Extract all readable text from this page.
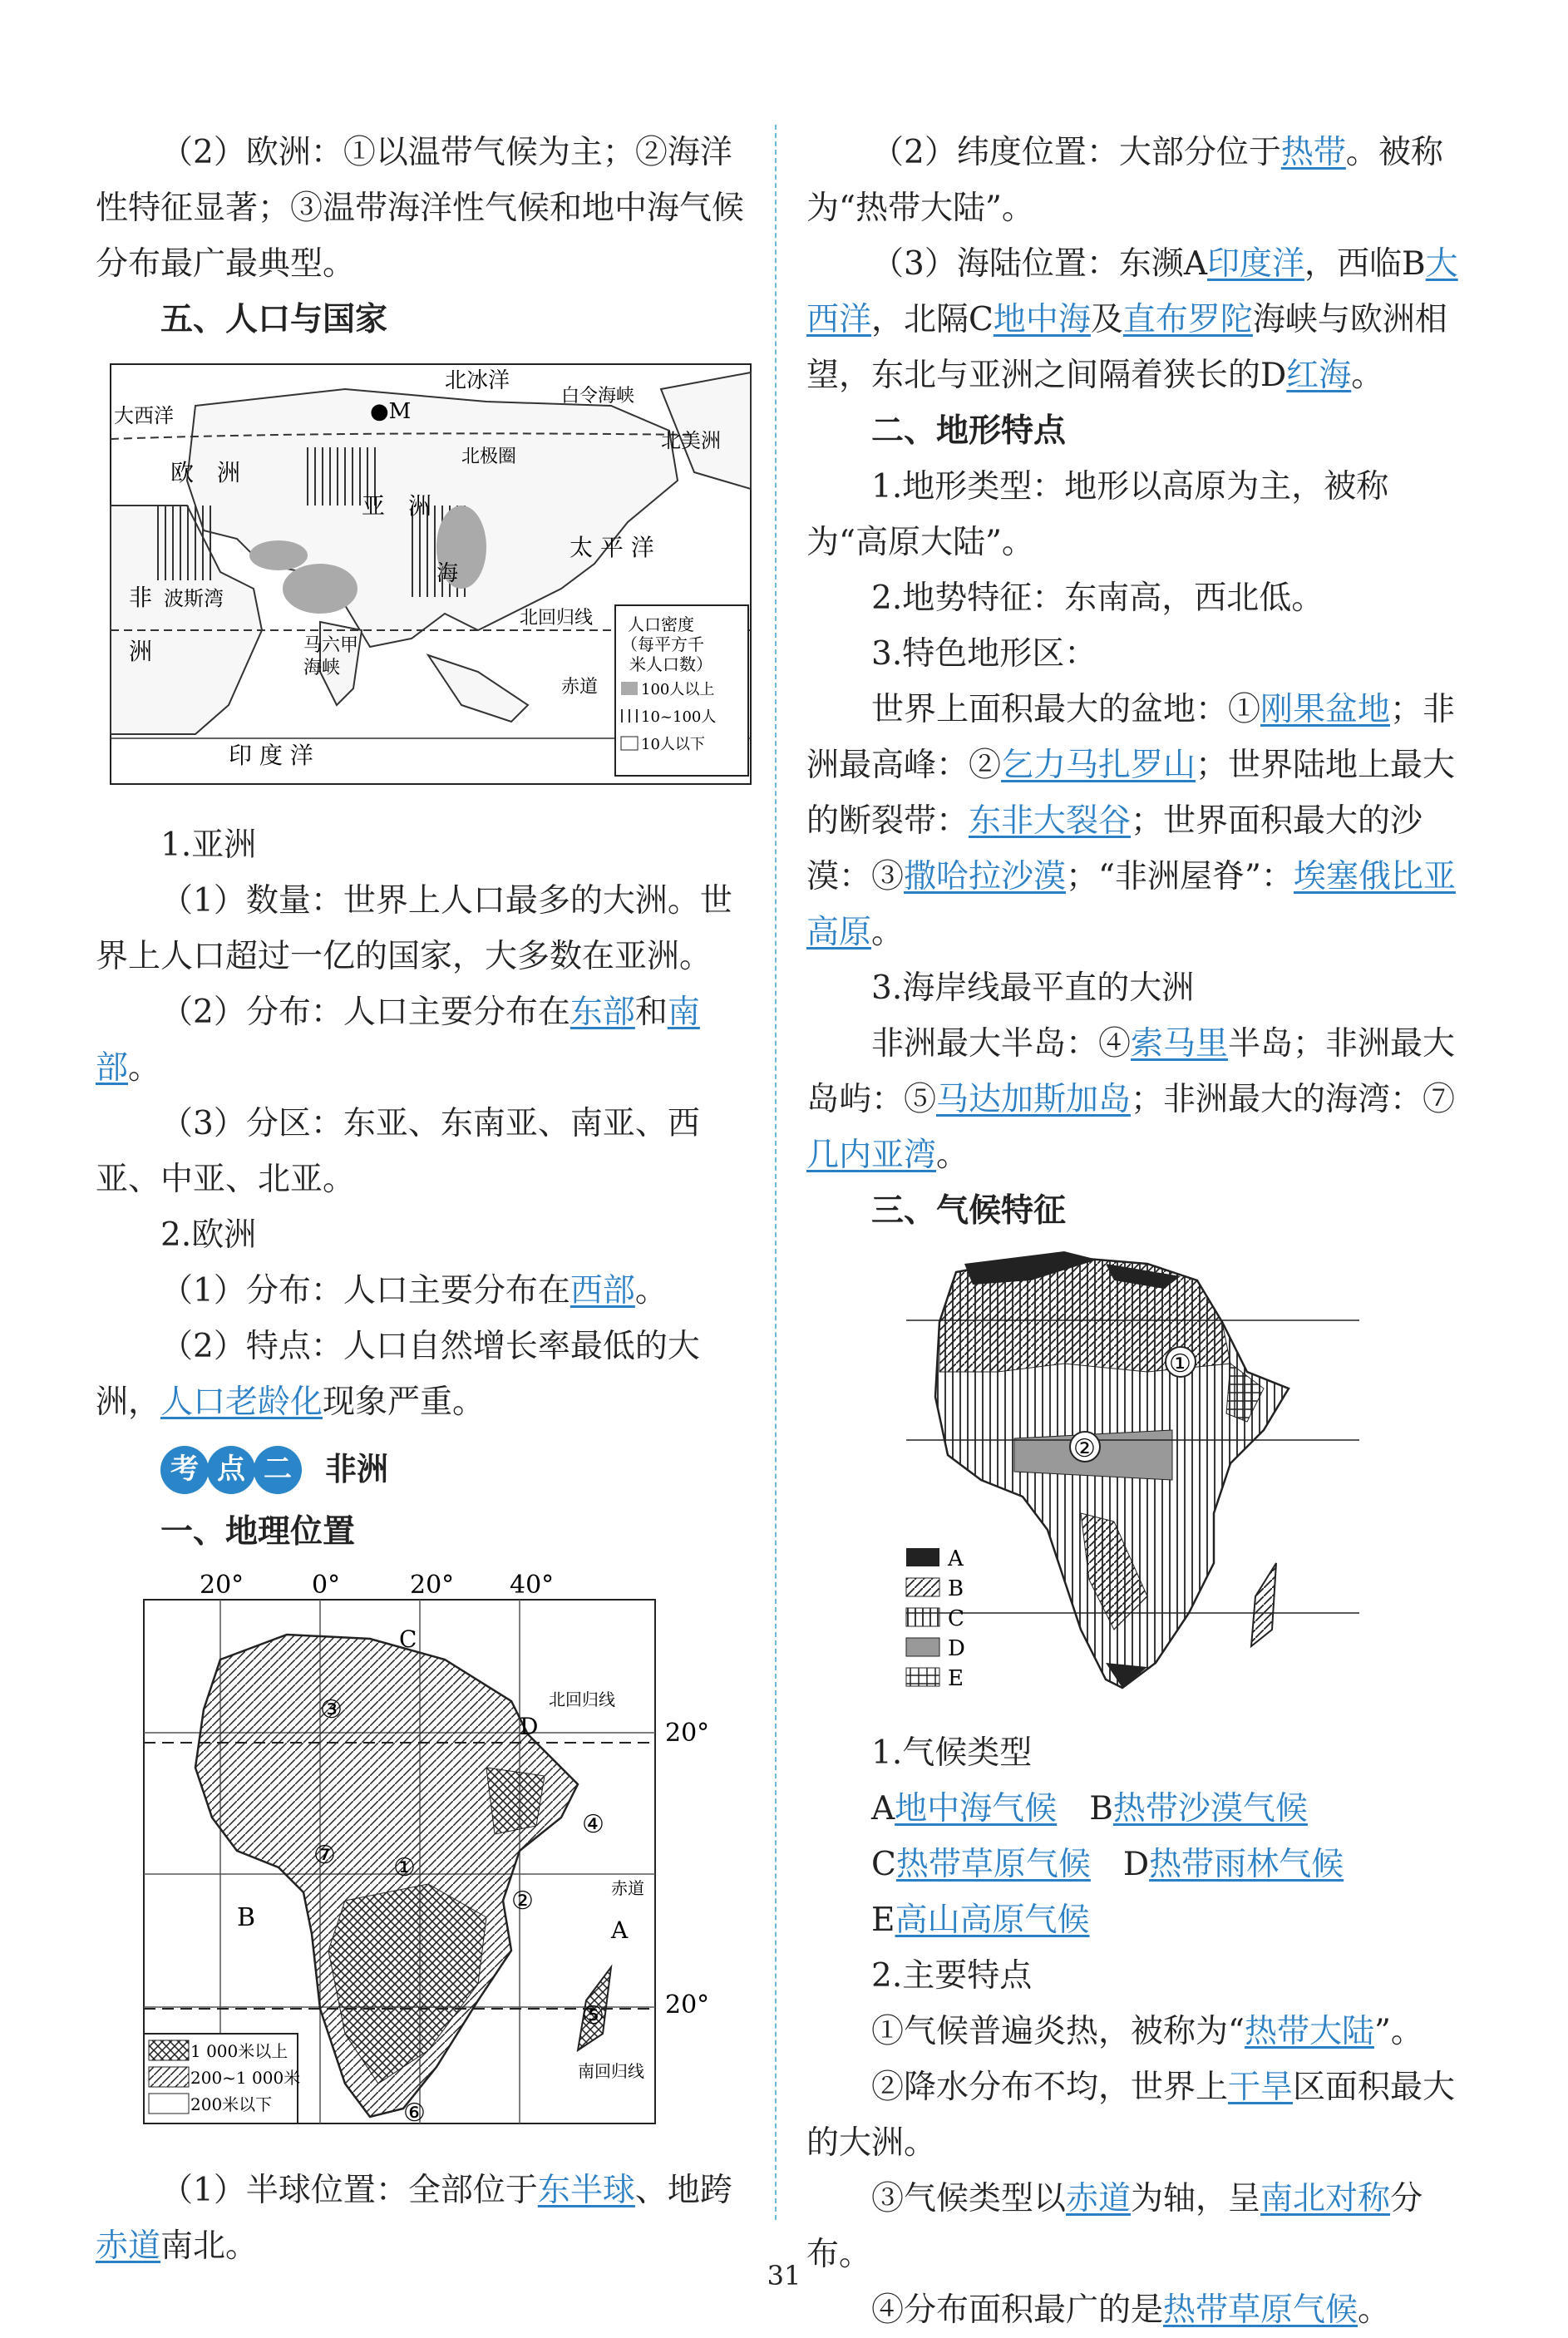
（2）欧洲：①以温带气候为主；②海洋性特征显著；③温带海洋性气候和地中海气候分布最广最典型。

五、人口与国家

北冰洋
白令海峡
大西洋
北美洲
●M
北极圈
欧　洲
亚　洲
太 平 洋
非
洲
波斯湾
海
北回归线
马六甲
海峡
赤道
印 度 洋
人口密度
（每平方千
米人口数）
100人以上
10~100人
10人以下

1.亚洲

（1）数量：世界上人口最多的大洲。世界上人口超过一亿的国家，大多数在亚洲。

（2）分布：人口主要分布在东部和南部。

（3）分区：东亚、东南亚、南亚、西亚、中亚、北亚。

2.欧洲

（1）分布：人口主要分布在西部。

（2）特点：人口自然增长率最低的大洲，人口老龄化现象严重。

考 点 二	非洲

一、地理位置

20°	0°	20° 40°
C
D
A
B
北回归线
赤道
南回归线
20°
20°
③
④
⑦ ①
②
⑤
⑥
1 000米以上
200~1 000米
200米以下

（1）半球位置：全部位于东半球、地跨赤道南北。

（2）纬度位置：大部分位于热带。被称为“热带大陆”。

（3）海陆位置：东濒A印度洋，西临B大西洋，北隔C地中海及直布罗陀海峡与欧洲相望，东北与亚洲之间隔着狭长的D红海。

二、地形特点

1.地形类型：地形以高原为主，被称为“高原大陆”。

2.地势特征：东南高，西北低。

3.特色地形区：

世界上面积最大的盆地：①刚果盆地；非洲最高峰：②乞力马扎罗山；世界陆地上最大的断裂带：东非大裂谷；世界面积最大的沙漠：③撒哈拉沙漠；“非洲屋脊”：埃塞俄比亚高原。

3.海岸线最平直的大洲

非洲最大半岛：④索马里半岛；非洲最大岛屿：⑤马达加斯加岛；非洲最大的海湾：⑦几内亚湾。

三、气候特征

①
②
A
B
C
D
E

1.气候类型

A地中海气候　 B热带沙漠气候

C热带草原气候　 D热带雨林气候

E高山高原气候

2.主要特点

①气候普遍炎热，被称为“热带大陆”。

②降水分布不均，世界上干旱区面积最大的大洲。

③气候类型以赤道为轴，呈南北对称分布。

④分布面积最广的是热带草原气候。

31
